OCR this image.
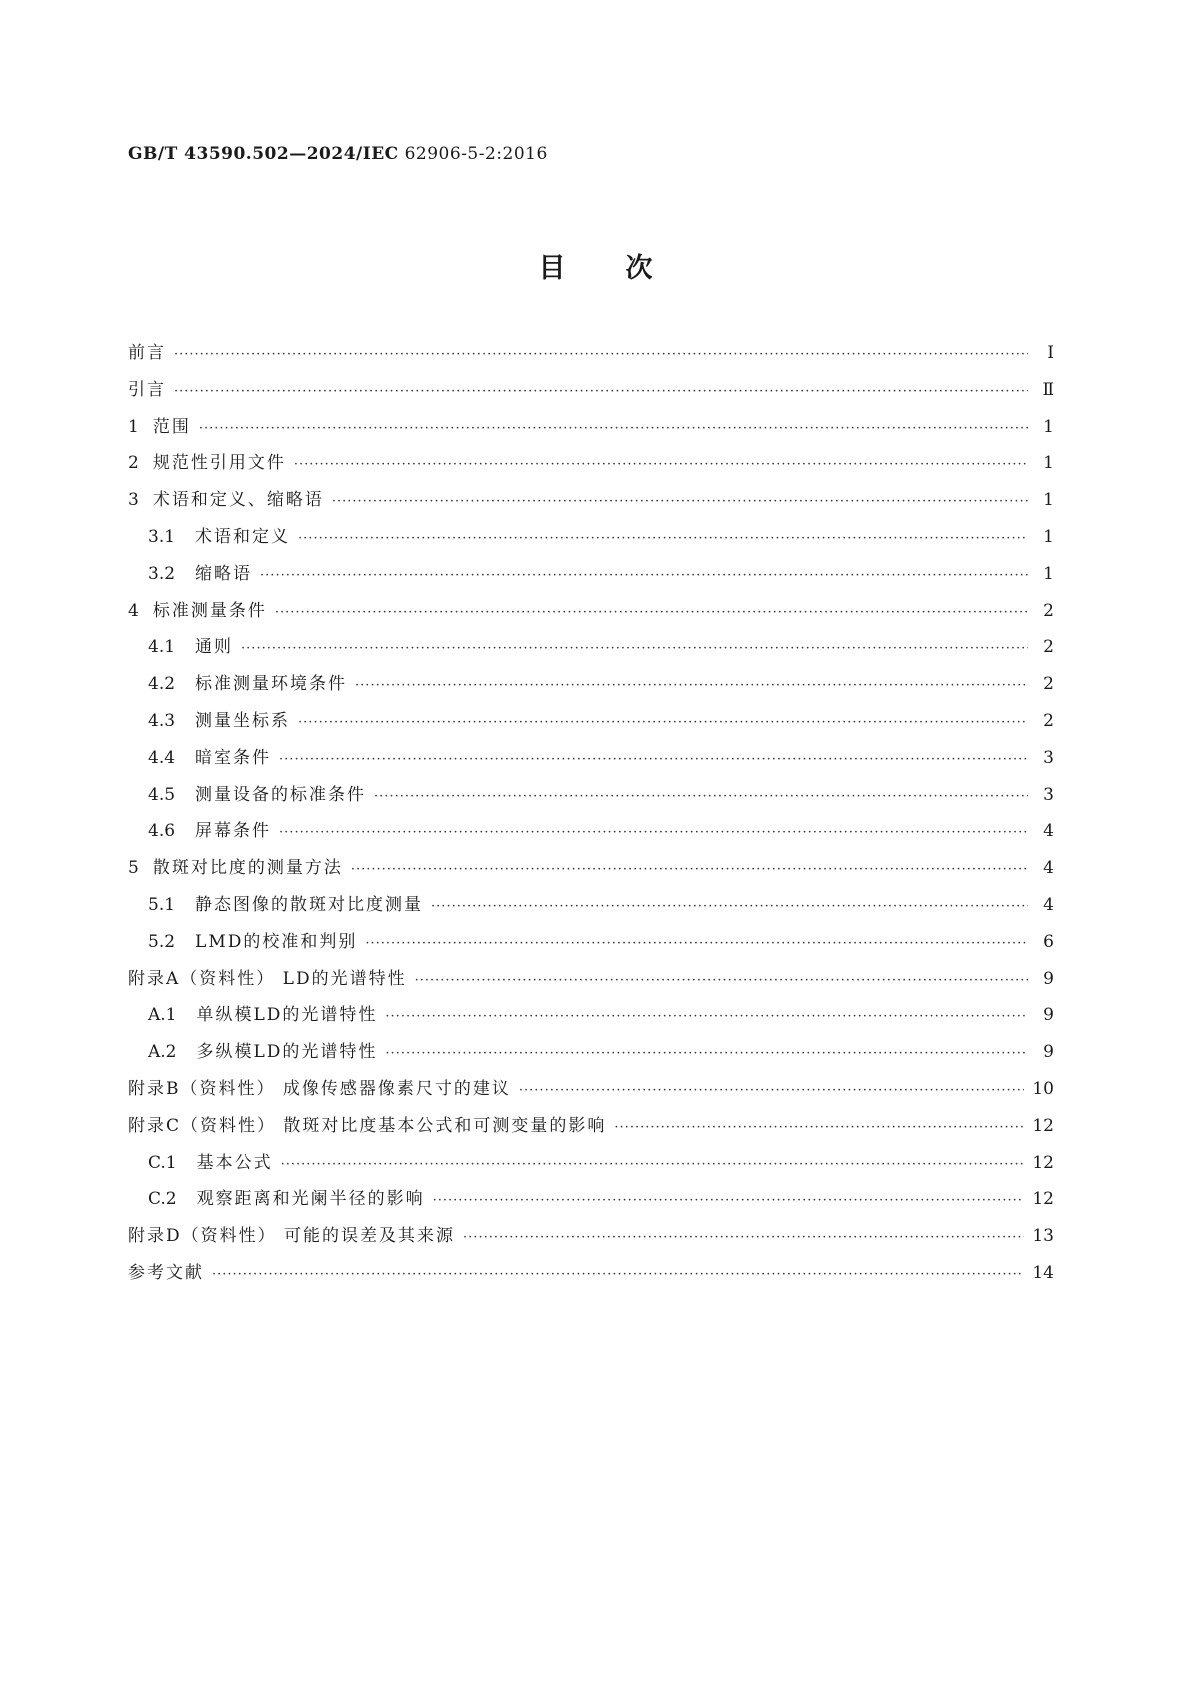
GB/T 43590.502—2024/IEC 62906-5-2:2016
目次
前言 ·····	Ⅰ
引言 ·····	Ⅱ
1 范围 ·····	1
2 规范性引用文件 ·····	1
3 术语和定义、缩略语 ·····	1
3.1 术语和定义 ·····	1
3.2 缩略语 ·····	1
4 标准测量条件 ·····	2
4.1 通则 ·····	2
4.2 标准测量环境条件 ·····	2
4.3 测量坐标系 ·····	2
4.4 暗室条件 ·····	3
4.5 测量设备的标准条件 ·····	3
4.6 屏幕条件 ·····	4
5 散斑对比度的测量方法 ·····	4
5.1 静态图像的散斑对比度测量 ·····	4
5.2 LMD的校准和判别 ·····	6
附录A（资料性） LD的光谱特性 ·····	9
A.1 单纵模LD的光谱特性 ·····	9
A.2 多纵模LD的光谱特性 ·····	9
附录B（资料性） 成像传感器像素尺寸的建议 ·····	10
附录C（资料性） 散斑对比度基本公式和可测变量的影响 ·····	12
C.1 基本公式 ·····	12
C.2 观察距离和光阑半径的影响 ·····	12
附录D（资料性） 可能的误差及其来源 ·····	13
参考文献 ·····	14
